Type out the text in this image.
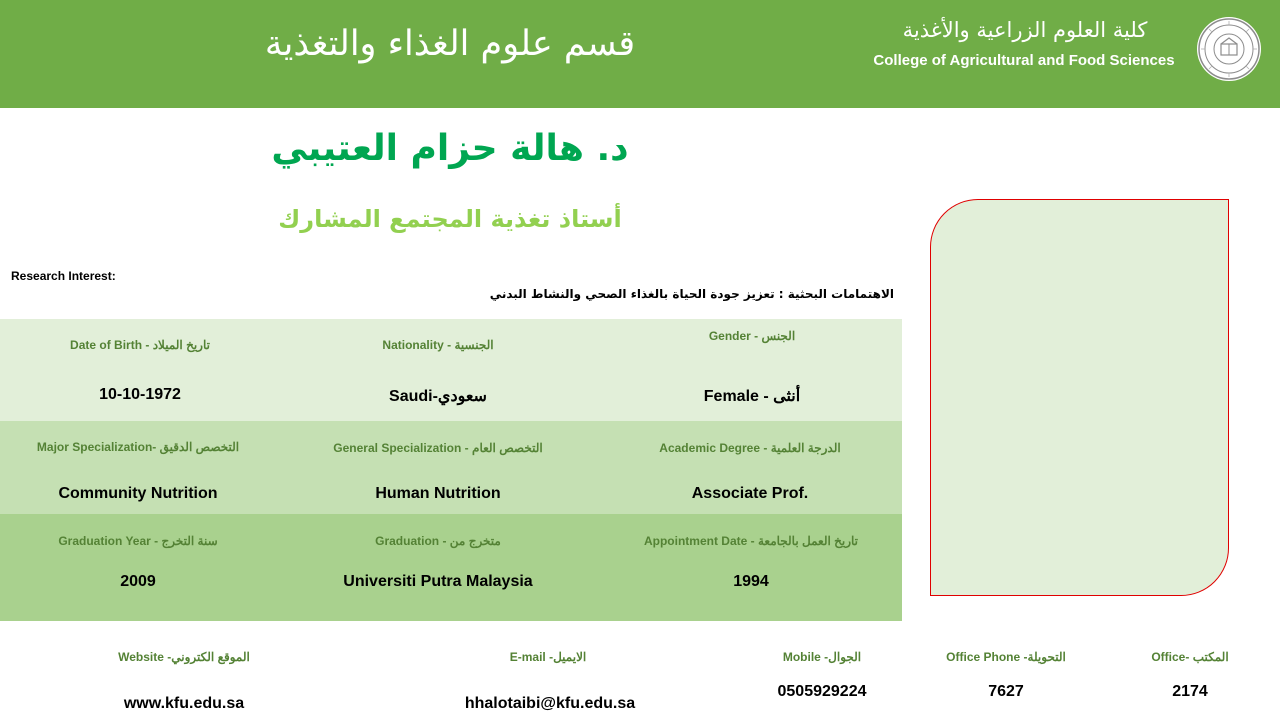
قسم علوم الغذاء والتغذية	كلية العلوم الزراعية والأغذية
College of Agricultural and Food Sciences
د. هالة حزام العتيبي
أستاذ تغذية المجتمع المشارك
Research Interest:
الاهتمامات البحثية : تعزيز جودة الحياة بالغذاء الصحي والنشاط البدني
Date of Birth - تاريخ الميلاد
10-10-1972
Nationality - الجنسية
Saudi-سعودي
Gender - الجنس
Female - أنثى
Major Specialization- التخصص الدقيق
Community Nutrition
General Specialization - التخصص العام
Human Nutrition
Academic Degree - الدرجة العلمية
Associate Prof.
Graduation Year - سنة التخرج
2009
Graduation - متخرج من
Universiti Putra Malaysia
Appointment Date - تاريخ العمل بالجامعة
1994
Website -الموقع الكتروني
www.kfu.edu.sa
E-mail -الايميل
hhalotaibi@kfu.edu.sa
Mobile -الجوال
0505929224
Office Phone -التحويلة
7627
Office- المكتب
2174
